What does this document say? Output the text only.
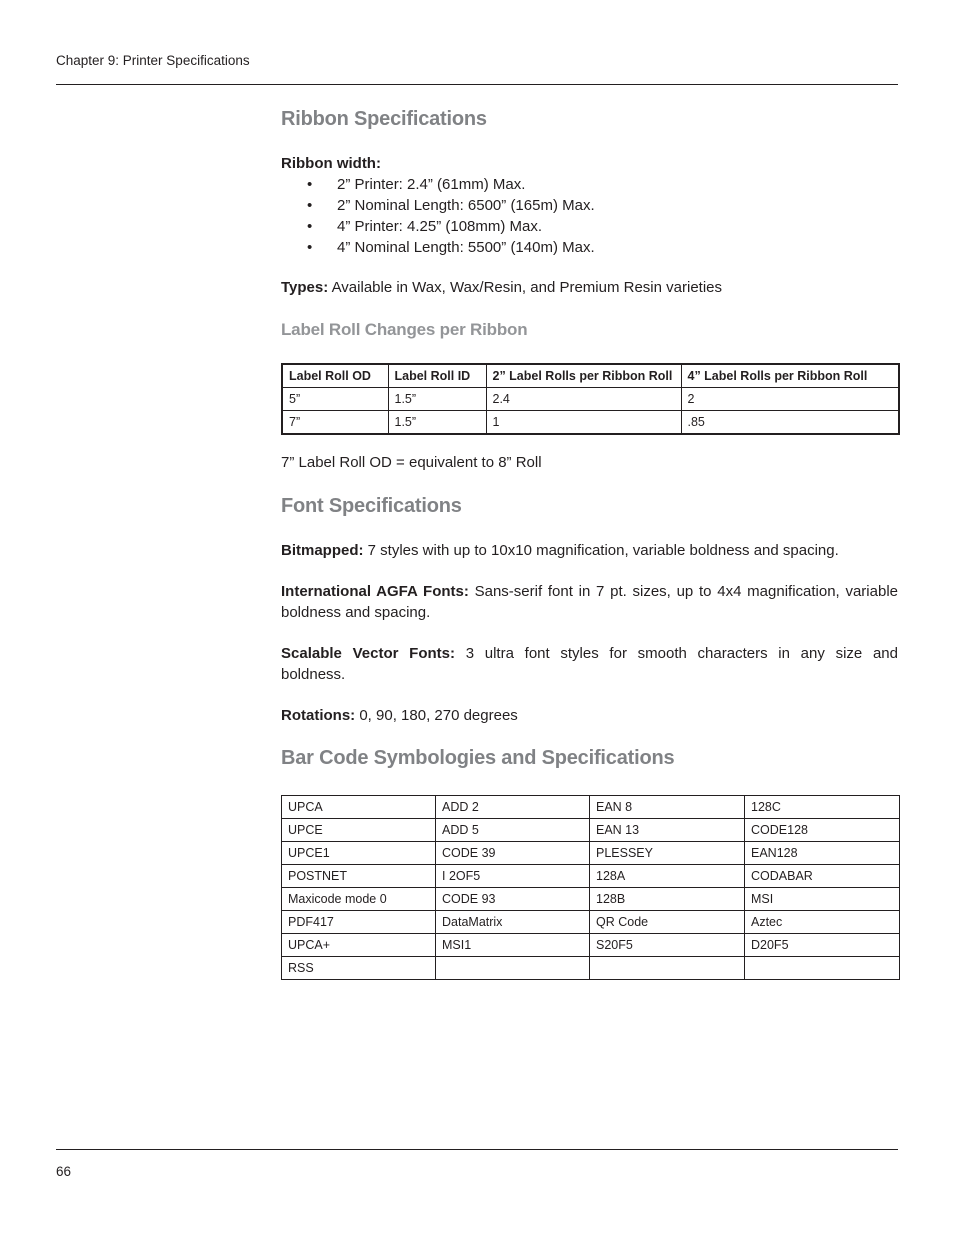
Chapter 9: Printer Specifications
Ribbon Specifications

Ribbon width:

• 2” Printer: 2.4” (61mm) Max.
• 2” Nominal Length: 6500” (165m) Max.
• 4” Printer: 4.25” (108mm) Max.
• 4” Nominal Length: 5500” (140m) Max.

Types: Available in Wax, Wax/Resin, and Premium Resin varieties

Label Roll Changes per Ribbon
Label Roll OD	Label Roll ID	2” Label Rolls per Ribbon Roll	4” Label Rolls per Ribbon Roll
5”	1.5”	2.4	2
7”	1.5”	1	.85

7” Label Roll OD = equivalent to 8” Roll

Font Specifications

Bitmapped: 7 styles with up to 10x10 magnification, variable boldness and spacing.

International AGFA Fonts: Sans-serif font in 7 pt. sizes, up to 4x4 magnification, variable

boldness and spacing.

Scalable Vector Fonts: 3 ultra font styles for smooth characters in any size and

boldness.

Rotations: 0, 90, 180, 270 degrees

Bar Code Symbologies and Specifications
UPCA	ADD 2	EAN 8	128C
UPCE	ADD 5	EAN 13	CODE128
UPCE1	CODE 39	PLESSEY	EAN128
POSTNET	I 2OF5	128A	CODABAR
Maxicode mode 0	CODE 93	128B	MSI
PDF417	DataMatrix	QR Code	Aztec
UPCA+	MSI1	S20F5	D20F5
RSS			
66
